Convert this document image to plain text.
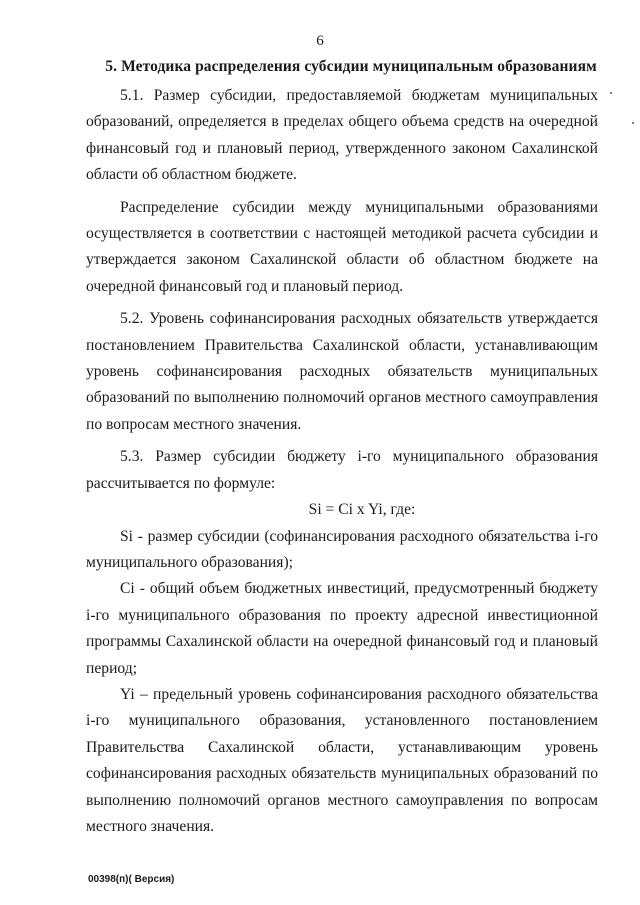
6
5. Методика распределения субсидии муниципальным образованиям

5.1. Размер субсидии, предоставляемой бюджетам муниципальных образований, определяется в пределах общего объема средств на очередной финансовый год и плановый период, утвержденного законом Сахалинской области об областном бюджете.

Распределение субсидии между муниципальными образованиями осуществляется в соответствии с настоящей методикой расчета субсидии и утверждается законом Сахалинской области об областном бюджете на очередной финансовый год и плановый период.

5.2. Уровень софинансирования расходных обязательств утверждается постановлением Правительства Сахалинской области, устанавливающим уровень софинансирования расходных обязательств муниципальных образований по выполнению полномочий органов местного самоуправления по вопросам местного значения.

5.3. Размер субсидии бюджету i-го муниципального образования рассчитывается по формуле:

Si = Ci x Yi, где:

Si - размер субсидии (софинансирования расходного обязательства i-го муниципального образования);

Ci - общий объем бюджетных инвестиций, предусмотренный бюджету i-го муниципального образования по проекту адресной инвестиционной программы Сахалинской области на очередной финансовый год и плановый период;

Yi – предельный уровень софинансирования расходного обязательства i-го муниципального образования, установленного постановлением Правительства Сахалинской области, устанавливающим уровень софинансирования расходных обязательств муниципальных образований по выполнению полномочий органов местного самоуправления по вопросам местного значения.

00398(п)( Версия)
